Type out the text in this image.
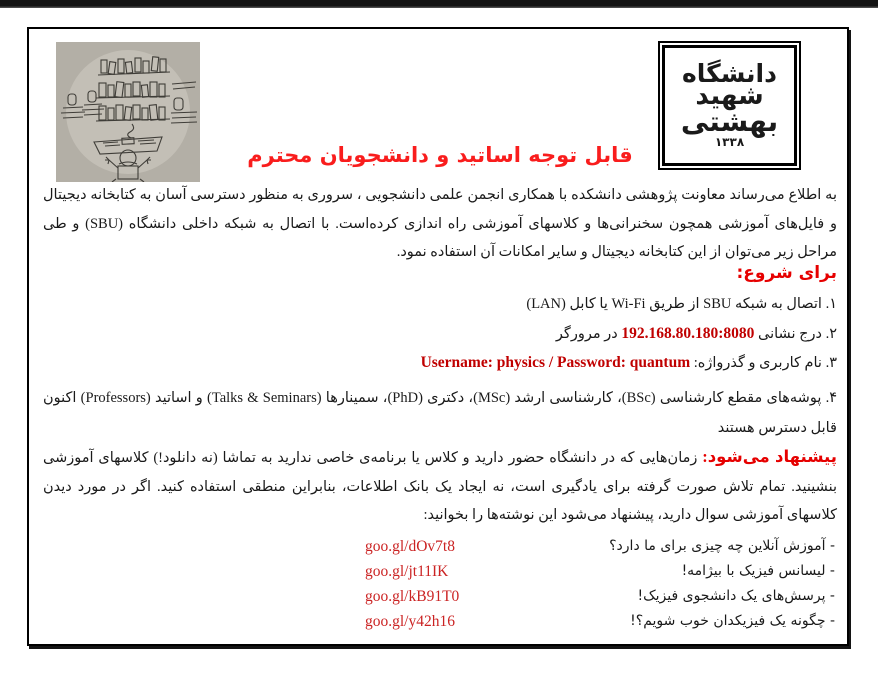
دانشگاه
شهید
بهشتی
۱۳۳۸
قابل توجه اساتید و دانشجویان محترم

به اطلاع می‌رساند معاونت پژوهشی دانشکده با همکاری انجمن علمی دانشجویی ، سروری به منظور دسترسی آسان به کتابخانه دیجیتال و فایل‌های آموزشی همچون سخنرانی‌ها و کلاسهای آموزشی راه اندازی کرده‌است. با اتصال به شبکه داخلی دانشگاه (SBU) و طی مراحل زیر می‌توان از این کتابخانه دیجیتال و سایر امکانات آن استفاده نمود.

برای شروع:
۱. اتصال به شبکه SBU از طریق Wi-Fi یا کابل (LAN)
۲. درج نشانی 192.168.80.180:8080 در مرورگر
۳. نام کاربری و گذرواژه: Username: physics / Password: quantum
۴. پوشه‌های مقطع کارشناسی (BSc)، کارشناسی ارشد (MSc)، دکتری (PhD)، سمینارها (Talks & Seminars) و اساتید (Professors) اکنون قابل دسترس هستند

پیشنهاد می‌شود: زمان‌هایی که در دانشگاه حضور دارید و کلاس یا برنامه‌ی خاصی ندارید به تماشا (نه دانلود!) کلاسهای آموزشی بنشینید. تمام تلاش صورت گرفته برای یادگیری است، نه ایجاد یک بانک اطلاعات، بنابراین منطقی استفاده کنید. اگر در مورد دیدن کلاسهای آموزشی سوال دارید، پیشنهاد می‌شود این نوشته‌ها را بخوانید:

- آموزش آنلاین چه چیزی برای ما دارد؟
goo.gl/dOv7t8
- لیسانس فیزیک با بیژامه!
goo.gl/jt11IK
- پرسش‌های یک دانشجوی فیزیک!
goo.gl/kB91T0
- چگونه یک فیزیکدان خوب شویم؟!
goo.gl/y42h16
